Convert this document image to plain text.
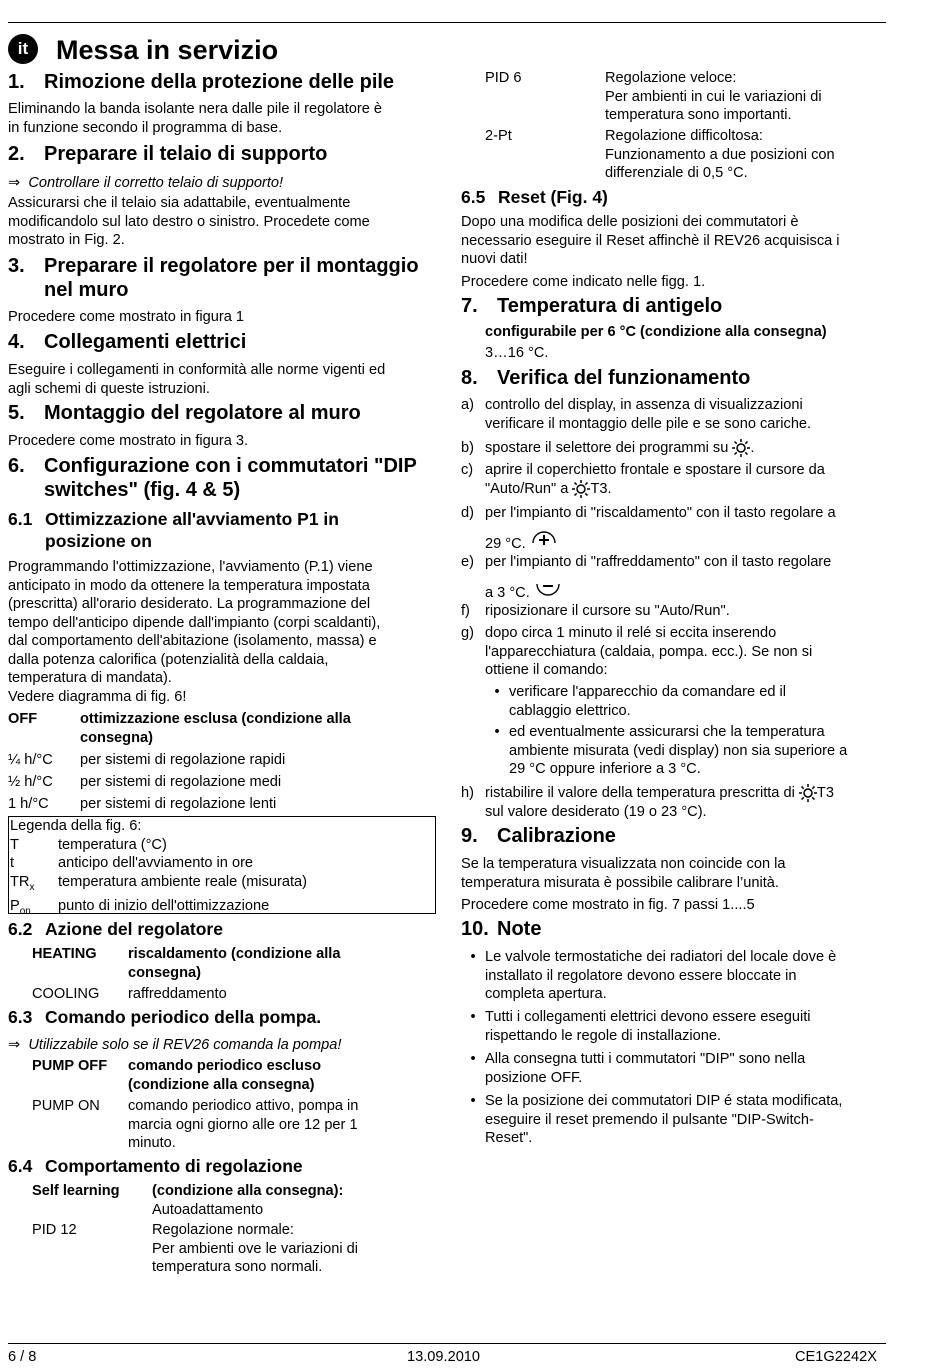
it	Messa in servizio
1. Rimozione della protezione delle pile
Eliminando la banda isolante nera dalle pile il regolatore è
in funzione secondo il programma di base.
2. Preparare il telaio di supporto
⇒ Controllare il corretto telaio di supporto!
Assicurarsi che il telaio sia adattabile, eventualmente
modificandolo sul lato destro o sinistro. Procedete come
mostrato in Fig. 2.
3. Preparare il regolatore per il montaggio
nel muro
Procedere come mostrato in figura 1
4. Collegamenti elettrici
Eseguire i collegamenti in conformità alle norme vigenti ed
agli schemi di queste istruzioni.
5. Montaggio del regolatore al muro
Procedere come mostrato in figura 3.
6. Configurazione con i commutatori "DIP
switches" (fig. 4 & 5)
6.1 Ottimizzazione all'avviamento P1 in
posizione on
Programmando l'ottimizzazione, l'avviamento (P.1) viene
anticipato in modo da ottenere la temperatura impostata
(prescritta) all'orario desiderato. La programmazione del
tempo dell'anticipo dipende dall'impianto (corpi scaldanti),
dal comportamento dell'abitazione (isolamento, massa) e
dalla potenza calorifica (potenzialità della caldaia,
temperatura di mandata).
Vedere diagramma di fig. 6!
OFF	ottimizzazione esclusa (condizione alla
consegna)
¼ h/°C	per sistemi di regolazione rapidi
½ h/°C	per sistemi di regolazione medi
1 h/°C	per sistemi di regolazione lenti
Legenda della fig. 6:
T	temperatura (°C)
t	anticipo dell'avviamento in ore
$TR_x$	temperatura ambiente reale (misurata)
$P_{on}$	punto di inizio dell'ottimizzazione
6.2 Azione del regolatore
HEATING	riscaldamento (condizione alla
consegna)
COOLING	raffreddamento
6.3 Comando periodico della pompa.
⇒ Utilizzabile solo se il REV26 comanda la pompa!
PUMP OFF	comando periodico escluso
(condizione alla consegna)
PUMP ON	comando periodico attivo, pompa in
marcia ogni giorno alle ore 12 per 1
minuto.
6.4 Comportamento di regolazione
Self learning	(condizione alla consegna):
Autoadattamento
PID 12	Regolazione normale:
Per ambienti ove le variazioni di
temperatura sono normali.
PID 6	Regolazione veloce:
Per ambienti in cui le variazioni di
temperatura sono importanti.
2-Pt	Regolazione difficoltosa:
Funzionamento a due posizioni con
differenziale di 0,5 °C.
6.5 Reset (Fig. 4)
Dopo una modifica delle posizioni dei commutatori è
necessario eseguire il Reset affinchè il REV26 acquisisca i
nuovi dati!
Procedere come indicato nelle figg. 1.
7. Temperatura di antigelo
configurabile per 6 °C (condizione alla consegna)
3…16 °C.
8. Verifica del funzionamento
a) controllo del display, in assenza di visualizzazioni
verificare il montaggio delle pile e se sono cariche.
b) spostare il selettore dei programmi su .
c) aprire il coperchietto frontale e spostare il cursore da
"Auto/Run" a T3.
d) per l'impianto di "riscaldamento" con il tasto regolare a
29 °C.
e) per l'impianto di "raffreddamento" con il tasto regolare
a 3 °C.
f)	riposizionare il cursore su "Auto/Run".
g) dopo circa 1 minuto il relé si eccita inserendo
l'apparecchiatura (caldaia, pompa. ecc.). Se non si
ottiene il comando:
• verificare l'apparecchio da comandare ed il
cablaggio elettrico.
• ed eventualmente assicurarsi che la temperatura
ambiente misurata (vedi display) non sia superiore a
29 °C oppure inferiore a 3 °C.
h) ristabilire il valore della temperatura prescritta di T3
sul valore desiderato (19 o 23 °C).
9. Calibrazione
Se la temperatura visualizzata non coincide con la
temperatura misurata è possibile calibrare l’unità.
Procedere come mostrato in fig. 7 passi 1....5
10. Note
• Le valvole termostatiche dei radiatori del locale dove è
installato il regolatore devono essere bloccate in
completa apertura.
• Tutti i collegamenti elettrici devono essere eseguiti
rispettando le regole di installazione.
• Alla consegna tutti i commutatori "DIP" sono nella
posizione OFF.
• Se la posizione dei commutatori DIP é stata modificata,
eseguire il reset premendo il pulsante "DIP-Switch-
Reset".
6 / 8	13.09.2010	CE1G2242X
